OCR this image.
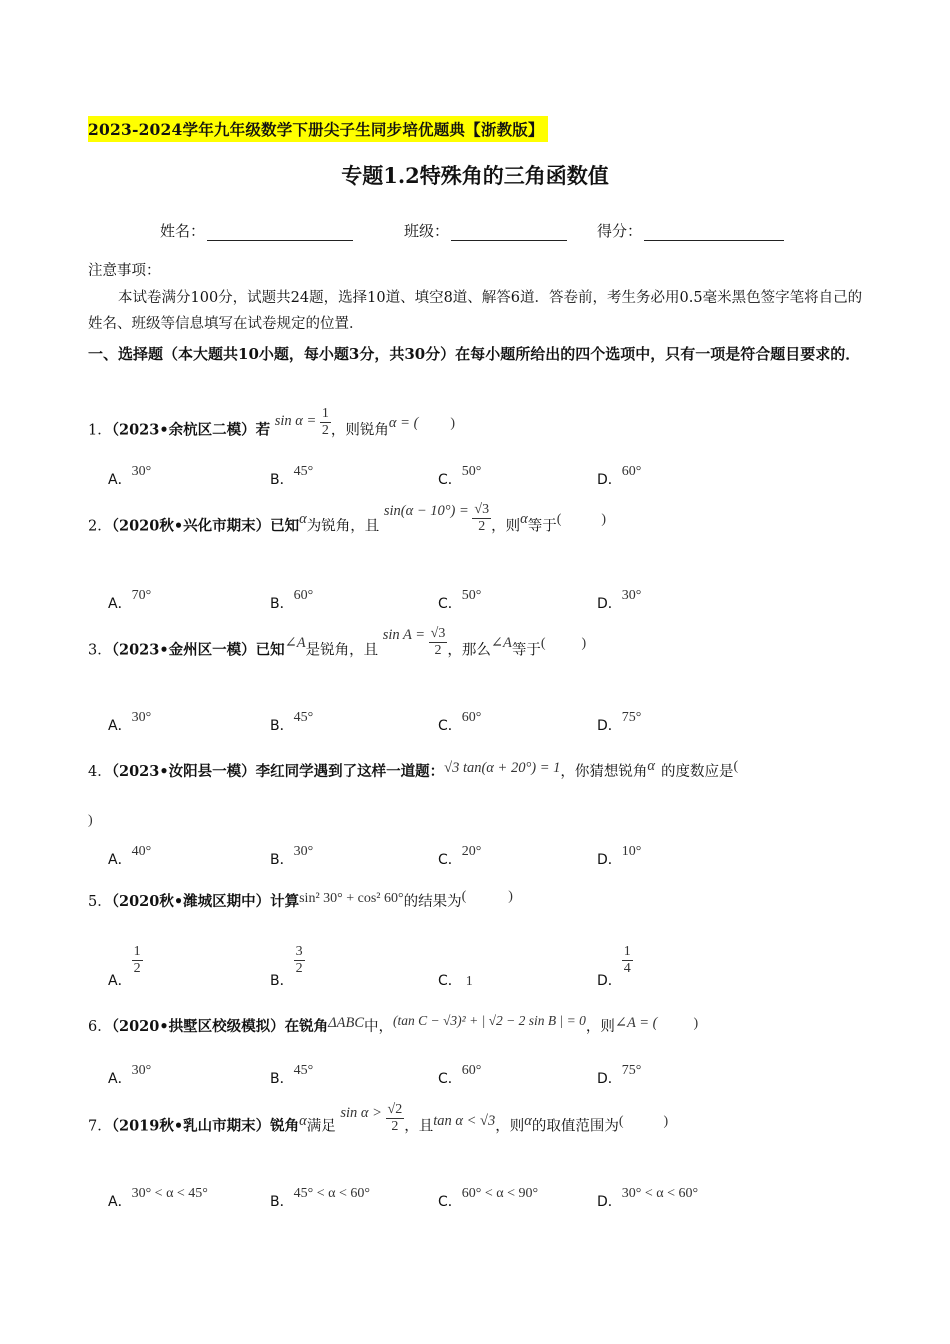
2023-2024学年九年级数学下册尖子生同步培优题典【浙教版】
专题1.2特殊角的三角函数值
姓名：	班级：	得分：
注意事项：
本试卷满分100分，试题共24题，选择10道、填空8道、解答6道．答卷前，考生务必用0.5毫米黑色签字笔将自己的姓名、班级等信息填写在试卷规定的位置．
一、选择题（本大题共10小题，每小题3分，共30分）在每小题所给出的四个选项中，只有一项是符合题目要求的．
1．（2023•余杭区二模）若 $\sin \alpha = \frac{1}{2}$ ，则锐角α = ( )
A．30°
B．45°
C．50°
D．60°
2．（2020秋•兴化市期末）已知α为锐角，且 $\sin(\alpha - 10^\circ) = \frac{√3}{2}$ ，则α等于(	)
A．70°
B．60°
C．50°
D．30°
3．（2023•金州区一模）已知∠A是锐角，且 $\sin A = \frac{√3}{2}$ ，那么∠A等于(	)
A．30°
B．45°
C．60°
D．75°
4．（2023•汝阳县一模）李红同学遇到了这样一道题：√3 tan(α + 20°) = 1，你猜想锐角α 的度数应是(
)
A．40°
B．30°
C．20°
D．10°
5．（2020秋•潍城区期中）计算sin² 30° + cos² 60°的结果为(	)
A．
$\frac{1}{2}$
B．
$\frac{3}{2}$
C． 1	D．
$\frac{1}{4}$
6．（2020•拱墅区校级模拟）在锐角ΔABC中，(tan C − √3)² + | √2 − 2 sin B | = 0，则∠A = (	)
A．30°
B．45°
C．60°
D．75°
7．（2019秋•乳山市期末）锐角α满足 $\sin \alpha > \frac{√2}{2}$ ，且tan α < √3，则α的取值范围为(	)
A．30° < α < 45°
B．45° < α < 60°
C．60° < α < 90°
D．30° < α < 60°
